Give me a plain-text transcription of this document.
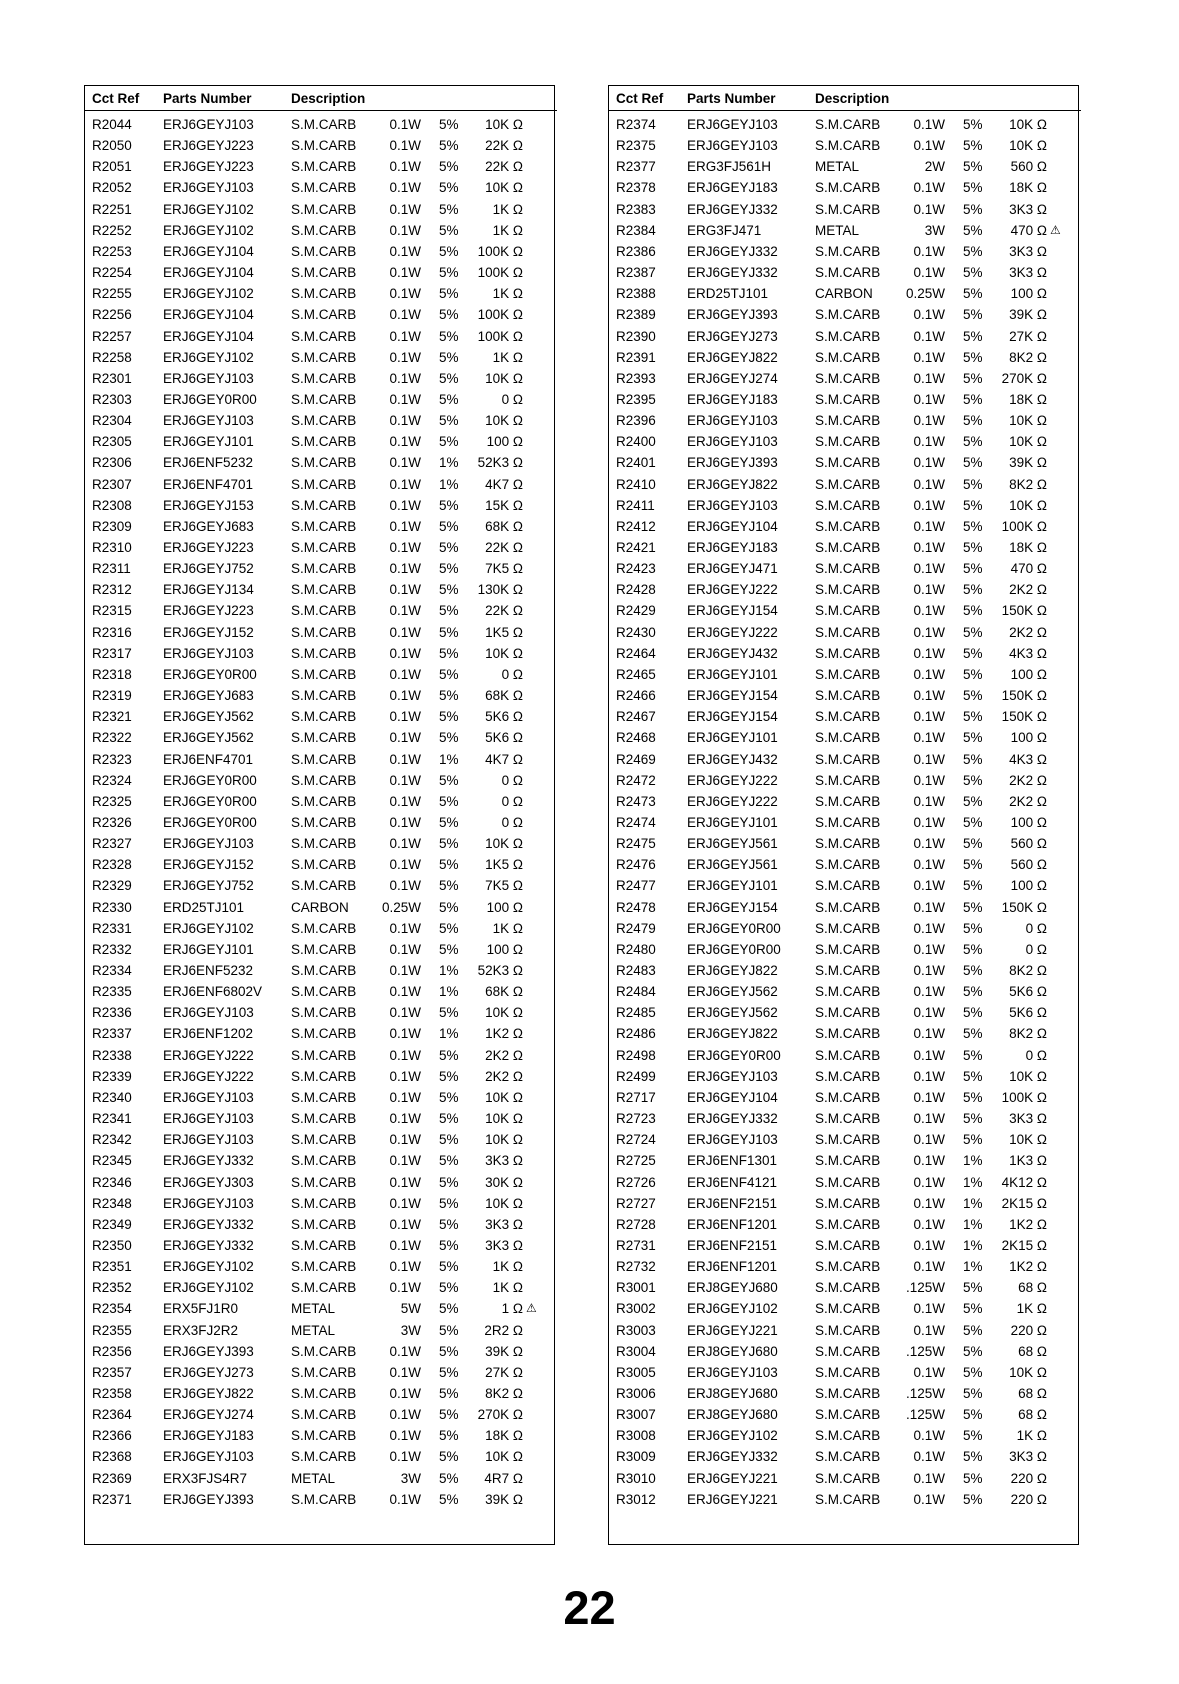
Cct Ref Parts Number	Description
R2044 ERJ6GEYJ103	S.M.CARB	0.1W 5%	10K Ω
R2050 ERJ6GEYJ223	S.M.CARB	0.1W 5%	22K Ω
R2051 ERJ6GEYJ223	S.M.CARB	0.1W 5%	22K Ω
R2052 ERJ6GEYJ103	S.M.CARB	0.1W 5%	10K Ω
R2251 ERJ6GEYJ102	S.M.CARB	0.1W 5%	1K Ω
R2252 ERJ6GEYJ102	S.M.CARB	0.1W 5%	1K Ω
R2253 ERJ6GEYJ104	S.M.CARB	0.1W 5%	100K Ω
R2254 ERJ6GEYJ104	S.M.CARB	0.1W 5%	100K Ω
R2255 ERJ6GEYJ102	S.M.CARB	0.1W 5%	1K Ω
R2256 ERJ6GEYJ104	S.M.CARB	0.1W 5%	100K Ω
R2257 ERJ6GEYJ104	S.M.CARB	0.1W 5%	100K Ω
R2258 ERJ6GEYJ102	S.M.CARB	0.1W 5%	1K Ω
R2301 ERJ6GEYJ103	S.M.CARB	0.1W 5%	10K Ω
R2303 ERJ6GEY0R00	S.M.CARB	0.1W 5%	0 Ω
R2304 ERJ6GEYJ103	S.M.CARB	0.1W 5%	10K Ω
R2305 ERJ6GEYJ101	S.M.CARB	0.1W 5%	100 Ω
R2306 ERJ6ENF5232	S.M.CARB	0.1W 1%	52K3 Ω
R2307 ERJ6ENF4701	S.M.CARB	0.1W 1%	4K7 Ω
R2308 ERJ6GEYJ153	S.M.CARB	0.1W 5%	15K Ω
R2309 ERJ6GEYJ683	S.M.CARB	0.1W 5%	68K Ω
R2310 ERJ6GEYJ223	S.M.CARB	0.1W 5%	22K Ω
R2311 ERJ6GEYJ752	S.M.CARB	0.1W 5%	7K5 Ω
R2312 ERJ6GEYJ134	S.M.CARB	0.1W 5%	130K Ω
R2315 ERJ6GEYJ223	S.M.CARB	0.1W 5%	22K Ω
R2316 ERJ6GEYJ152	S.M.CARB	0.1W 5%	1K5 Ω
R2317 ERJ6GEYJ103	S.M.CARB	0.1W 5%	10K Ω
R2318 ERJ6GEY0R00	S.M.CARB	0.1W 5%	0 Ω
R2319 ERJ6GEYJ683	S.M.CARB	0.1W 5%	68K Ω
R2321 ERJ6GEYJ562	S.M.CARB	0.1W 5%	5K6 Ω
R2322 ERJ6GEYJ562	S.M.CARB	0.1W 5%	5K6 Ω
R2323 ERJ6ENF4701	S.M.CARB	0.1W 1%	4K7 Ω
R2324 ERJ6GEY0R00	S.M.CARB	0.1W 5%	0 Ω
R2325 ERJ6GEY0R00	S.M.CARB	0.1W 5%	0 Ω
R2326 ERJ6GEY0R00	S.M.CARB	0.1W 5%	0 Ω
R2327 ERJ6GEYJ103	S.M.CARB	0.1W 5%	10K Ω
R2328 ERJ6GEYJ152	S.M.CARB	0.1W 5%	1K5 Ω
R2329 ERJ6GEYJ752	S.M.CARB	0.1W 5%	7K5 Ω
R2330 ERD25TJ101	CARBON	0.25W 5%	100 Ω
R2331 ERJ6GEYJ102	S.M.CARB	0.1W 5%	1K Ω
R2332 ERJ6GEYJ101	S.M.CARB	0.1W 5%	100 Ω
R2334 ERJ6ENF5232	S.M.CARB	0.1W 1%	52K3 Ω
R2335 ERJ6ENF6802V S.M.CARB	0.1W 1%	68K Ω
R2336 ERJ6GEYJ103	S.M.CARB	0.1W 5%	10K Ω
R2337 ERJ6ENF1202	S.M.CARB	0.1W 1%	1K2 Ω
R2338 ERJ6GEYJ222	S.M.CARB	0.1W 5%	2K2 Ω
R2339 ERJ6GEYJ222	S.M.CARB	0.1W 5%	2K2 Ω
R2340 ERJ6GEYJ103	S.M.CARB	0.1W 5%	10K Ω
R2341 ERJ6GEYJ103	S.M.CARB	0.1W 5%	10K Ω
R2342 ERJ6GEYJ103	S.M.CARB	0.1W 5%	10K Ω
R2345 ERJ6GEYJ332	S.M.CARB	0.1W 5%	3K3 Ω
R2346 ERJ6GEYJ303	S.M.CARB	0.1W 5%	30K Ω
R2348 ERJ6GEYJ103	S.M.CARB	0.1W 5%	10K Ω
R2349 ERJ6GEYJ332	S.M.CARB	0.1W 5%	3K3 Ω
R2350 ERJ6GEYJ332	S.M.CARB	0.1W 5%	3K3 Ω
R2351 ERJ6GEYJ102	S.M.CARB	0.1W 5%	1K Ω
R2352 ERJ6GEYJ102	S.M.CARB	0.1W 5%	1K Ω
R2354 ERX5FJ1R0	METAL	5W 5%	1 Ω ⚠
R2355 ERX3FJ2R2	METAL	3W 5%	2R2 Ω
R2356 ERJ6GEYJ393	S.M.CARB	0.1W 5%	39K Ω
R2357 ERJ6GEYJ273	S.M.CARB	0.1W 5%	27K Ω
R2358 ERJ6GEYJ822	S.M.CARB	0.1W 5%	8K2 Ω
R2364 ERJ6GEYJ274	S.M.CARB	0.1W 5%	270K Ω
R2366 ERJ6GEYJ183	S.M.CARB	0.1W 5%	18K Ω
R2368 ERJ6GEYJ103	S.M.CARB	0.1W 5%	10K Ω
R2369 ERX3FJS4R7	METAL	3W 5%	4R7 Ω
R2371 ERJ6GEYJ393	S.M.CARB	0.1W 5%	39K Ω
Cct Ref Parts Number	Description
R2374 ERJ6GEYJ103	S.M.CARB	0.1W 5%	10K Ω
R2375 ERJ6GEYJ103	S.M.CARB	0.1W 5%	10K Ω
R2377 ERG3FJ561H	METAL	2W 5%	560 Ω
R2378 ERJ6GEYJ183	S.M.CARB	0.1W 5%	18K Ω
R2383 ERJ6GEYJ332	S.M.CARB	0.1W 5%	3K3 Ω
R2384 ERG3FJ471	METAL	3W 5%	470 Ω ⚠
R2386 ERJ6GEYJ332	S.M.CARB	0.1W 5%	3K3 Ω
R2387 ERJ6GEYJ332	S.M.CARB	0.1W 5%	3K3 Ω
R2388 ERD25TJ101	CARBON	0.25W 5%	100 Ω
R2389 ERJ6GEYJ393	S.M.CARB	0.1W 5%	39K Ω
R2390 ERJ6GEYJ273	S.M.CARB	0.1W 5%	27K Ω
R2391 ERJ6GEYJ822	S.M.CARB	0.1W 5%	8K2 Ω
R2393 ERJ6GEYJ274	S.M.CARB	0.1W 5%	270K Ω
R2395 ERJ6GEYJ183	S.M.CARB	0.1W 5%	18K Ω
R2396 ERJ6GEYJ103	S.M.CARB	0.1W 5%	10K Ω
R2400 ERJ6GEYJ103	S.M.CARB	0.1W 5%	10K Ω
R2401 ERJ6GEYJ393	S.M.CARB	0.1W 5%	39K Ω
R2410 ERJ6GEYJ822	S.M.CARB	0.1W 5%	8K2 Ω
R2411 ERJ6GEYJ103	S.M.CARB	0.1W 5%	10K Ω
R2412 ERJ6GEYJ104	S.M.CARB	0.1W 5%	100K Ω
R2421 ERJ6GEYJ183	S.M.CARB	0.1W 5%	18K Ω
R2423 ERJ6GEYJ471	S.M.CARB	0.1W 5%	470 Ω
R2428 ERJ6GEYJ222	S.M.CARB	0.1W 5%	2K2 Ω
R2429 ERJ6GEYJ154	S.M.CARB	0.1W 5%	150K Ω
R2430 ERJ6GEYJ222	S.M.CARB	0.1W 5%	2K2 Ω
R2464 ERJ6GEYJ432	S.M.CARB	0.1W 5%	4K3 Ω
R2465 ERJ6GEYJ101	S.M.CARB	0.1W 5%	100 Ω
R2466 ERJ6GEYJ154	S.M.CARB	0.1W 5%	150K Ω
R2467 ERJ6GEYJ154	S.M.CARB	0.1W 5%	150K Ω
R2468 ERJ6GEYJ101	S.M.CARB	0.1W 5%	100 Ω
R2469 ERJ6GEYJ432	S.M.CARB	0.1W 5%	4K3 Ω
R2472 ERJ6GEYJ222	S.M.CARB	0.1W 5%	2K2 Ω
R2473 ERJ6GEYJ222	S.M.CARB	0.1W 5%	2K2 Ω
R2474 ERJ6GEYJ101	S.M.CARB	0.1W 5%	100 Ω
R2475 ERJ6GEYJ561	S.M.CARB	0.1W 5%	560 Ω
R2476 ERJ6GEYJ561	S.M.CARB	0.1W 5%	560 Ω
R2477 ERJ6GEYJ101	S.M.CARB	0.1W 5%	100 Ω
R2478 ERJ6GEYJ154	S.M.CARB	0.1W 5%	150K Ω
R2479 ERJ6GEY0R00	S.M.CARB	0.1W 5%	0 Ω
R2480 ERJ6GEY0R00	S.M.CARB	0.1W 5%	0 Ω
R2483 ERJ6GEYJ822	S.M.CARB	0.1W 5%	8K2 Ω
R2484 ERJ6GEYJ562	S.M.CARB	0.1W 5%	5K6 Ω
R2485 ERJ6GEYJ562	S.M.CARB	0.1W 5%	5K6 Ω
R2486 ERJ6GEYJ822	S.M.CARB	0.1W 5%	8K2 Ω
R2498 ERJ6GEY0R00	S.M.CARB	0.1W 5%	0 Ω
R2499 ERJ6GEYJ103	S.M.CARB	0.1W 5%	10K Ω
R2717 ERJ6GEYJ104	S.M.CARB	0.1W 5%	100K Ω
R2723 ERJ6GEYJ332	S.M.CARB	0.1W 5%	3K3 Ω
R2724 ERJ6GEYJ103	S.M.CARB	0.1W 5%	10K Ω
R2725 ERJ6ENF1301	S.M.CARB	0.1W 1%	1K3 Ω
R2726 ERJ6ENF4121	S.M.CARB	0.1W 1%	4K12 Ω
R2727 ERJ6ENF2151	S.M.CARB	0.1W 1%	2K15 Ω
R2728 ERJ6ENF1201	S.M.CARB	0.1W 1%	1K2 Ω
R2731 ERJ6ENF2151	S.M.CARB	0.1W 1%	2K15 Ω
R2732 ERJ6ENF1201	S.M.CARB	0.1W 1%	1K2 Ω
R3001 ERJ8GEYJ680	S.M.CARB	.125W 5%	68 Ω
R3002 ERJ6GEYJ102	S.M.CARB	0.1W 5%	1K Ω
R3003 ERJ6GEYJ221	S.M.CARB	0.1W 5%	220 Ω
R3004 ERJ8GEYJ680	S.M.CARB	.125W 5%	68 Ω
R3005 ERJ6GEYJ103	S.M.CARB	0.1W 5%	10K Ω
R3006 ERJ8GEYJ680	S.M.CARB	.125W 5%	68 Ω
R3007 ERJ8GEYJ680	S.M.CARB	.125W 5%	68 Ω
R3008 ERJ6GEYJ102	S.M.CARB	0.1W 5%	1K Ω
R3009 ERJ6GEYJ332	S.M.CARB	0.1W 5%	3K3 Ω
R3010 ERJ6GEYJ221	S.M.CARB	0.1W 5%	220 Ω
R3012 ERJ6GEYJ221	S.M.CARB	0.1W 5%	220 Ω
22
